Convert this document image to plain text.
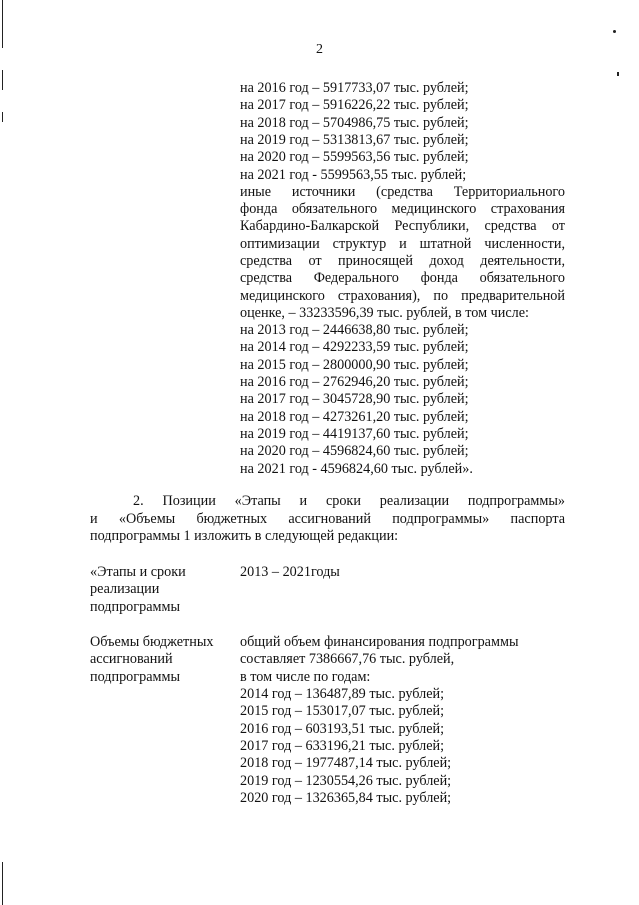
2
на 2016 год – 5917733,07 тыс. рублей;
на 2017 год – 5916226,22 тыс. рублей;
на 2018 год – 5704986,75 тыс. рублей;
на 2019 год – 5313813,67 тыс. рублей;
на 2020 год – 5599563,56 тыс. рублей;
на 2021 год - 5599563,55 тыс. рублей;
иные источники (средства Территориального
фонда обязательного медицинского страхования
Кабардино-Балкарской Республики, средства от
оптимизации структур и штатной численности,
средства от приносящей доход деятельности,
средства Федерального фонда обязательного
медицинского страхования), по предварительной
оценке, – 33233596,39 тыс. рублей, в том числе:
на 2013 год – 2446638,80 тыс. рублей;
на 2014 год – 4292233,59 тыс. рублей;
на 2015 год – 2800000,90 тыс. рублей;
на 2016 год – 2762946,20 тыс. рублей;
на 2017 год – 3045728,90 тыс. рублей;
на 2018 год – 4273261,20 тыс. рублей;
на 2019 год – 4419137,60 тыс. рублей;
на 2020 год – 4596824,60 тыс. рублей;
на 2021 год - 4596824,60 тыс. рублей».
2. Позиции «Этапы и сроки реализации подпрограммы»
и «Объемы бюджетных ассигнований подпрограммы» паспорта
подпрограммы 1 изложить в следующей редакции:
«Этапы и сроки
реализации
подпрограммы
2013 – 2021годы
Объемы бюджетных
ассигнований
подпрограммы
общий объем финансирования подпрограммы
составляет 7386667,76 тыс. рублей,
в том числе по годам:
2014 год – 136487,89 тыс. рублей;
2015 год – 153017,07 тыс. рублей;
2016 год – 603193,51 тыс. рублей;
2017 год – 633196,21 тыс. рублей;
2018 год – 1977487,14 тыс. рублей;
2019 год – 1230554,26 тыс. рублей;
2020 год – 1326365,84 тыс. рублей;
